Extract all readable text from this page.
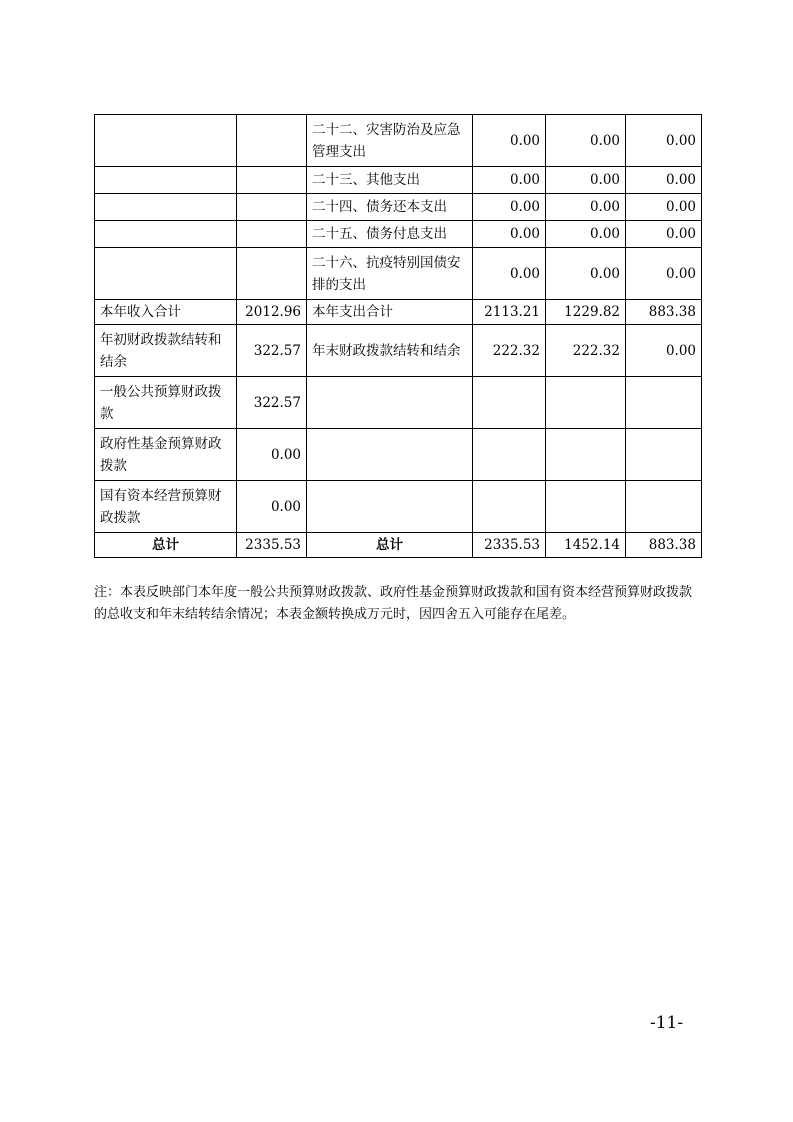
		二十二、灾害防治及应急管理支出	0.00	0.00	0.00
		二十三、其他支出	0.00	0.00	0.00
		二十四、债务还本支出	0.00	0.00	0.00
		二十五、债务付息支出	0.00	0.00	0.00
		二十六、抗疫特别国债安排的支出	0.00	0.00	0.00
本年收入合计	2012.96	本年支出合计	2113.21	1229.82	883.38
年初财政拨款结转和结余	322.57	年末财政拨款结转和结余	222.32	222.32	0.00
一般公共预算财政拨款	322.57				
政府性基金预算财政拨款	0.00				
国有资本经营预算财政拨款	0.00				
总计	2335.53	总计	2335.53	1452.14	883.38
注：本表反映部门本年度一般公共预算财政拨款、政府性基金预算财政拨款和国有资本经营预算财政拨款的总收支和年末结转结余情况；本表金额转换成万元时，因四舍五入可能存在尾差。
-11-
